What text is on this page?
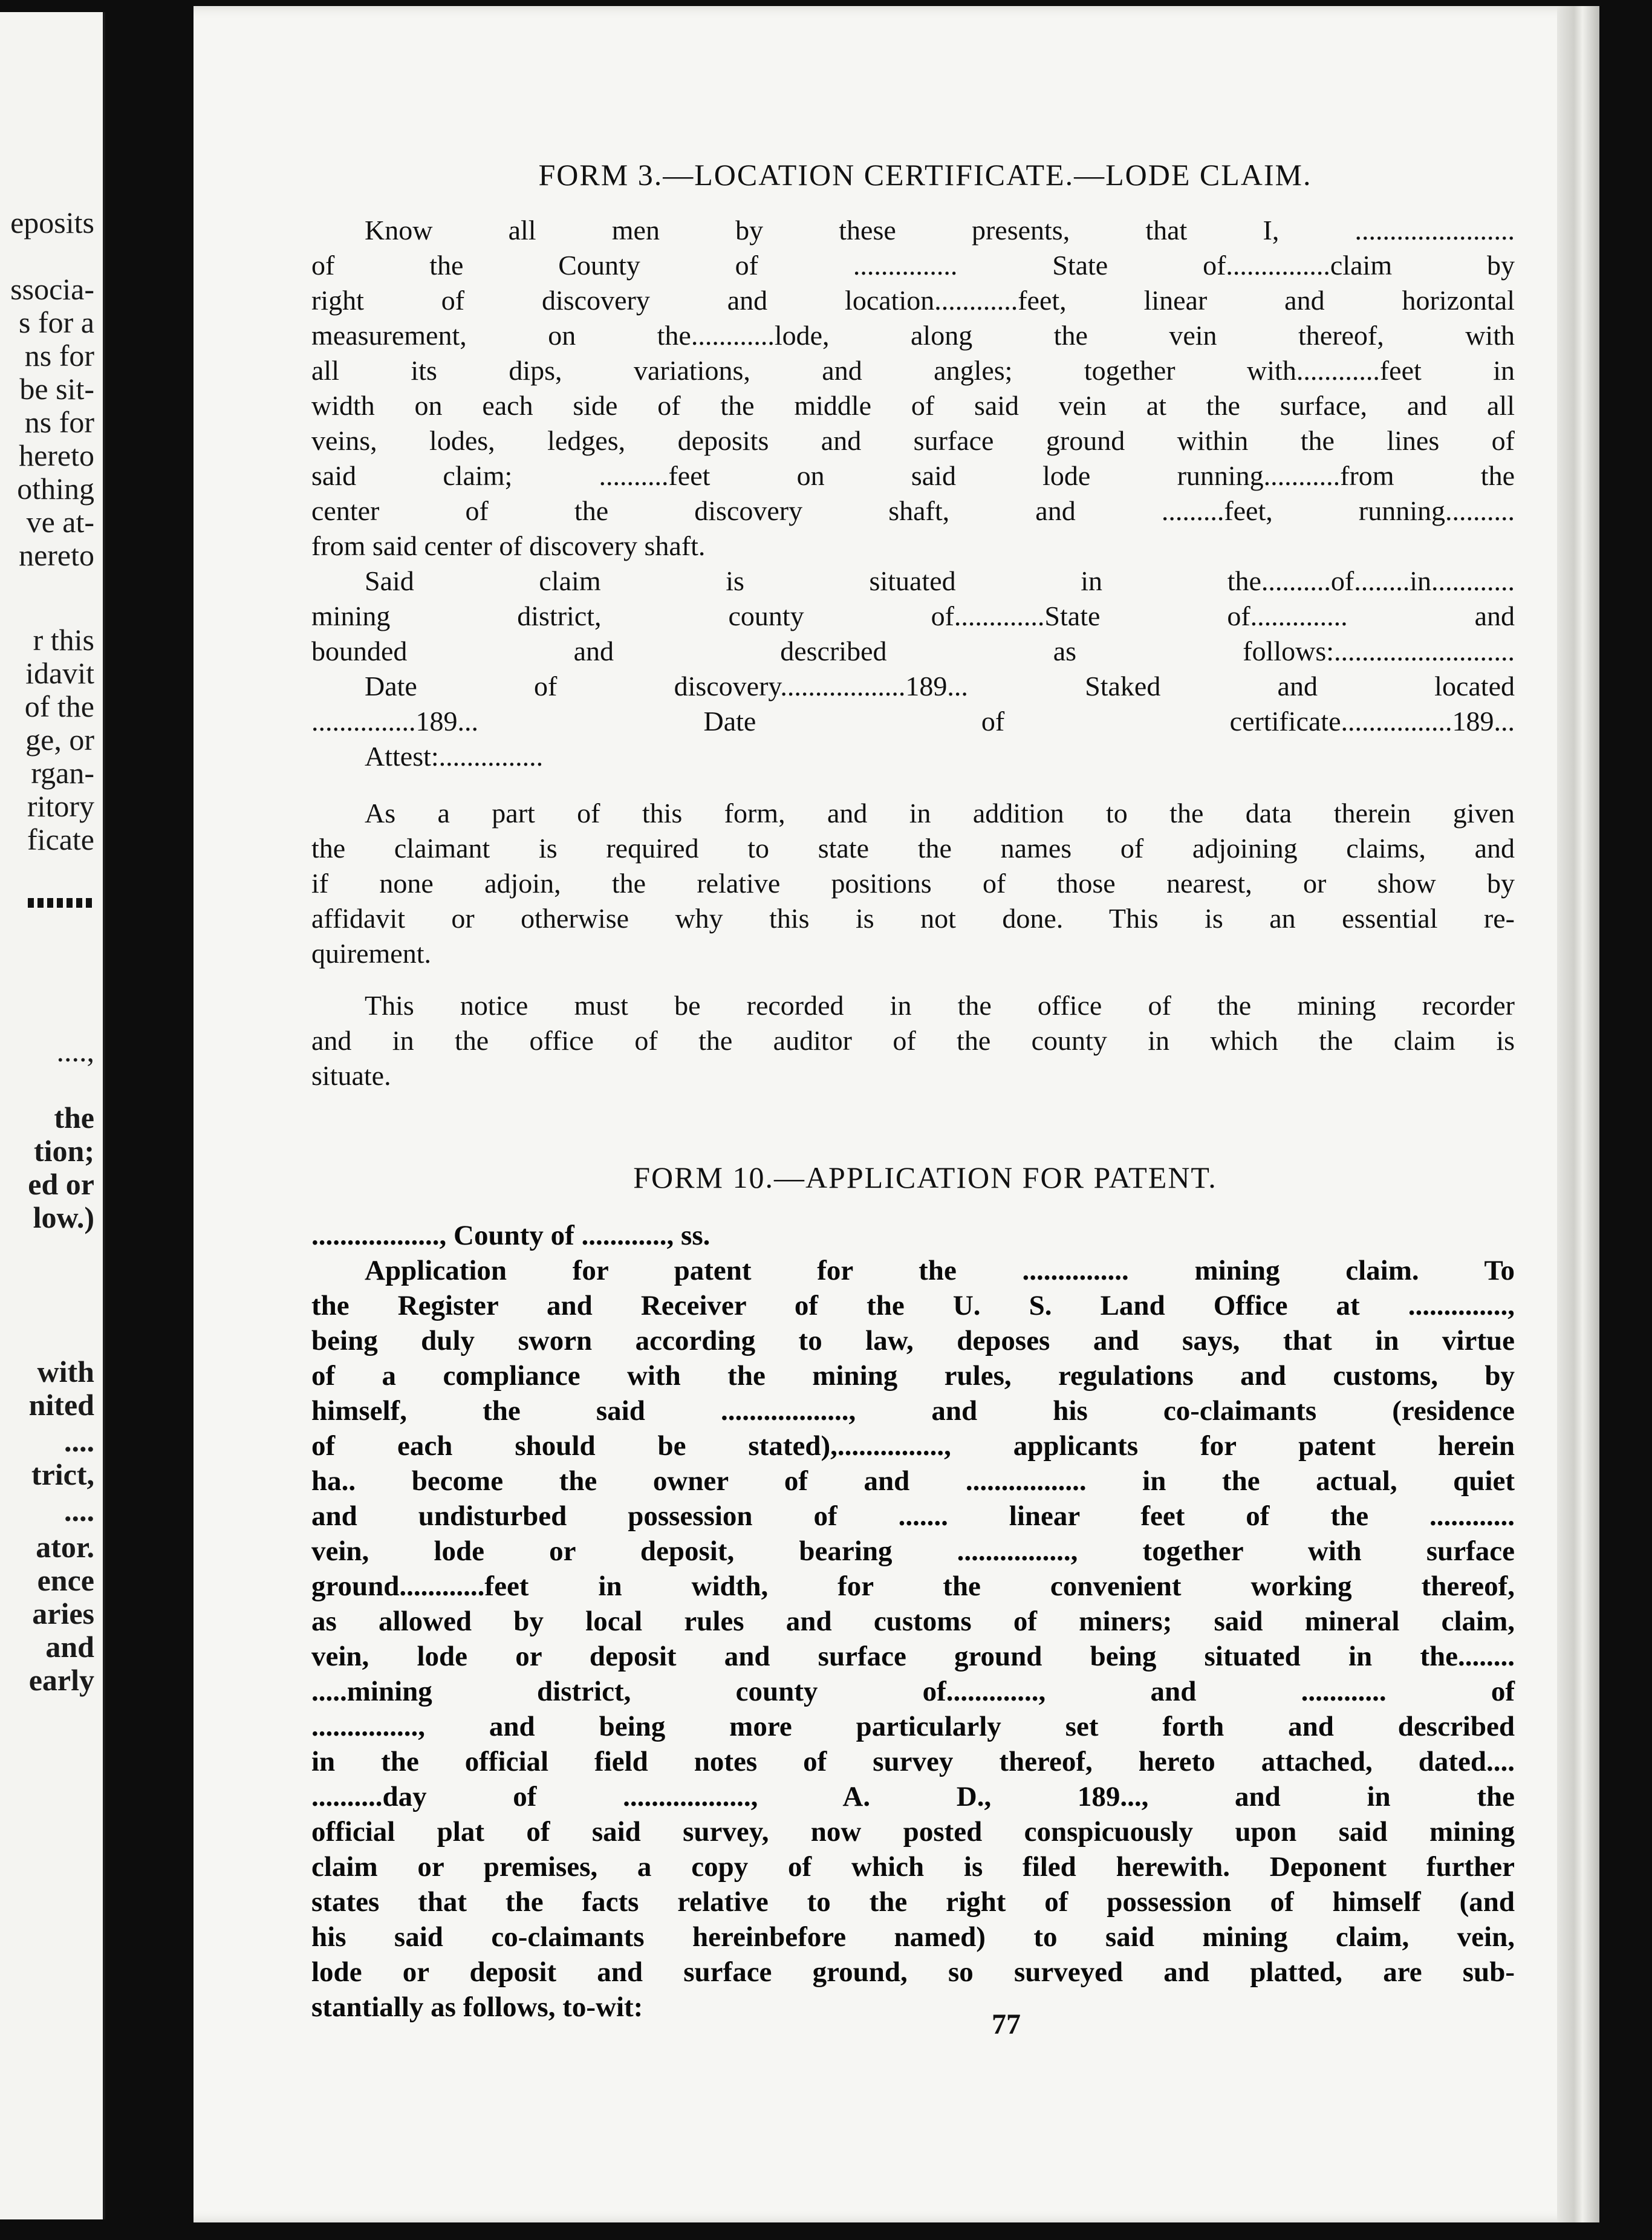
eposits
ssocia-
s for a
ns for
be sit-
ns for
hereto
othing
ve at-
nereto
r this
idavit
of the
ge, or
rgan-
ritory
ficate
....,
the
tion;
ed or
low.)
with
nited
....
trict,
....
ator.
ence
aries
and
early
FORM 3.—LOCATION CERTIFICATE.—LODE CLAIM.

Know all men by these presents, that I, .......................
of the County of ............... State of...............claim by
right of discovery and location............feet, linear and horizontal
measurement, on the............lode, along the vein thereof, with
all its dips, variations, and angles; together with............feet in
width on each side of the middle of said vein at the surface, and all
veins, lodes, ledges, deposits and surface ground within the lines of
said claim; ..........feet on said lode running...........from the
center of the discovery shaft, and .........feet, running..........
from said center of discovery shaft.

Said claim is situated in the..........of........in............
mining district, county of.............State of.............. and
bounded and described as follows:..........................
Date of discovery..................189... Staked and located
...............189... Date of certificate................189...
Attest:...............

As a part of this form, and in addition to the data therein given
the claimant is required to state the names of adjoining claims, and
if none adjoin, the relative positions of those nearest, or show by
affidavit or otherwise why this is not done. This is an essential re-
quirement.

This notice must be recorded in the office of the mining recorder
and in the office of the auditor of the county in which the claim is
situate.

FORM 10.—APPLICATION FOR PATENT.

.................., County of ............, ss.
Application for patent for the ............... mining claim. To
the Register and Receiver of the U. S. Land Office at ..............,
being duly sworn according to law, deposes and says, that in virtue
of a compliance with the mining rules, regulations and customs, by
himself, the said .................., and his co-claimants (residence
of each should be stated),..............., applicants for patent herein
ha.. become the owner of and ................. in the actual, quiet
and undisturbed possession of ....... linear feet of the ............
vein, lode or deposit, bearing ................, together with surface
ground............feet in width, for the convenient working thereof,
as allowed by local rules and customs of miners; said mineral claim,
vein, lode or deposit and surface ground being situated in the........
.....mining district, county of............., and ............ of
..............., and being more particularly set forth and described
in the official field notes of survey thereof, hereto attached, dated....
..........day of .................., A. D., 189..., and in the
official plat of said survey, now posted conspicuously upon said mining
claim or premises, a copy of which is filed herewith. Deponent further
states that the facts relative to the right of possession of himself (and
his said co-claimants hereinbefore named) to said mining claim, vein,
lode or deposit and surface ground, so surveyed and platted, are sub-
stantially as follows, to-wit:

77
